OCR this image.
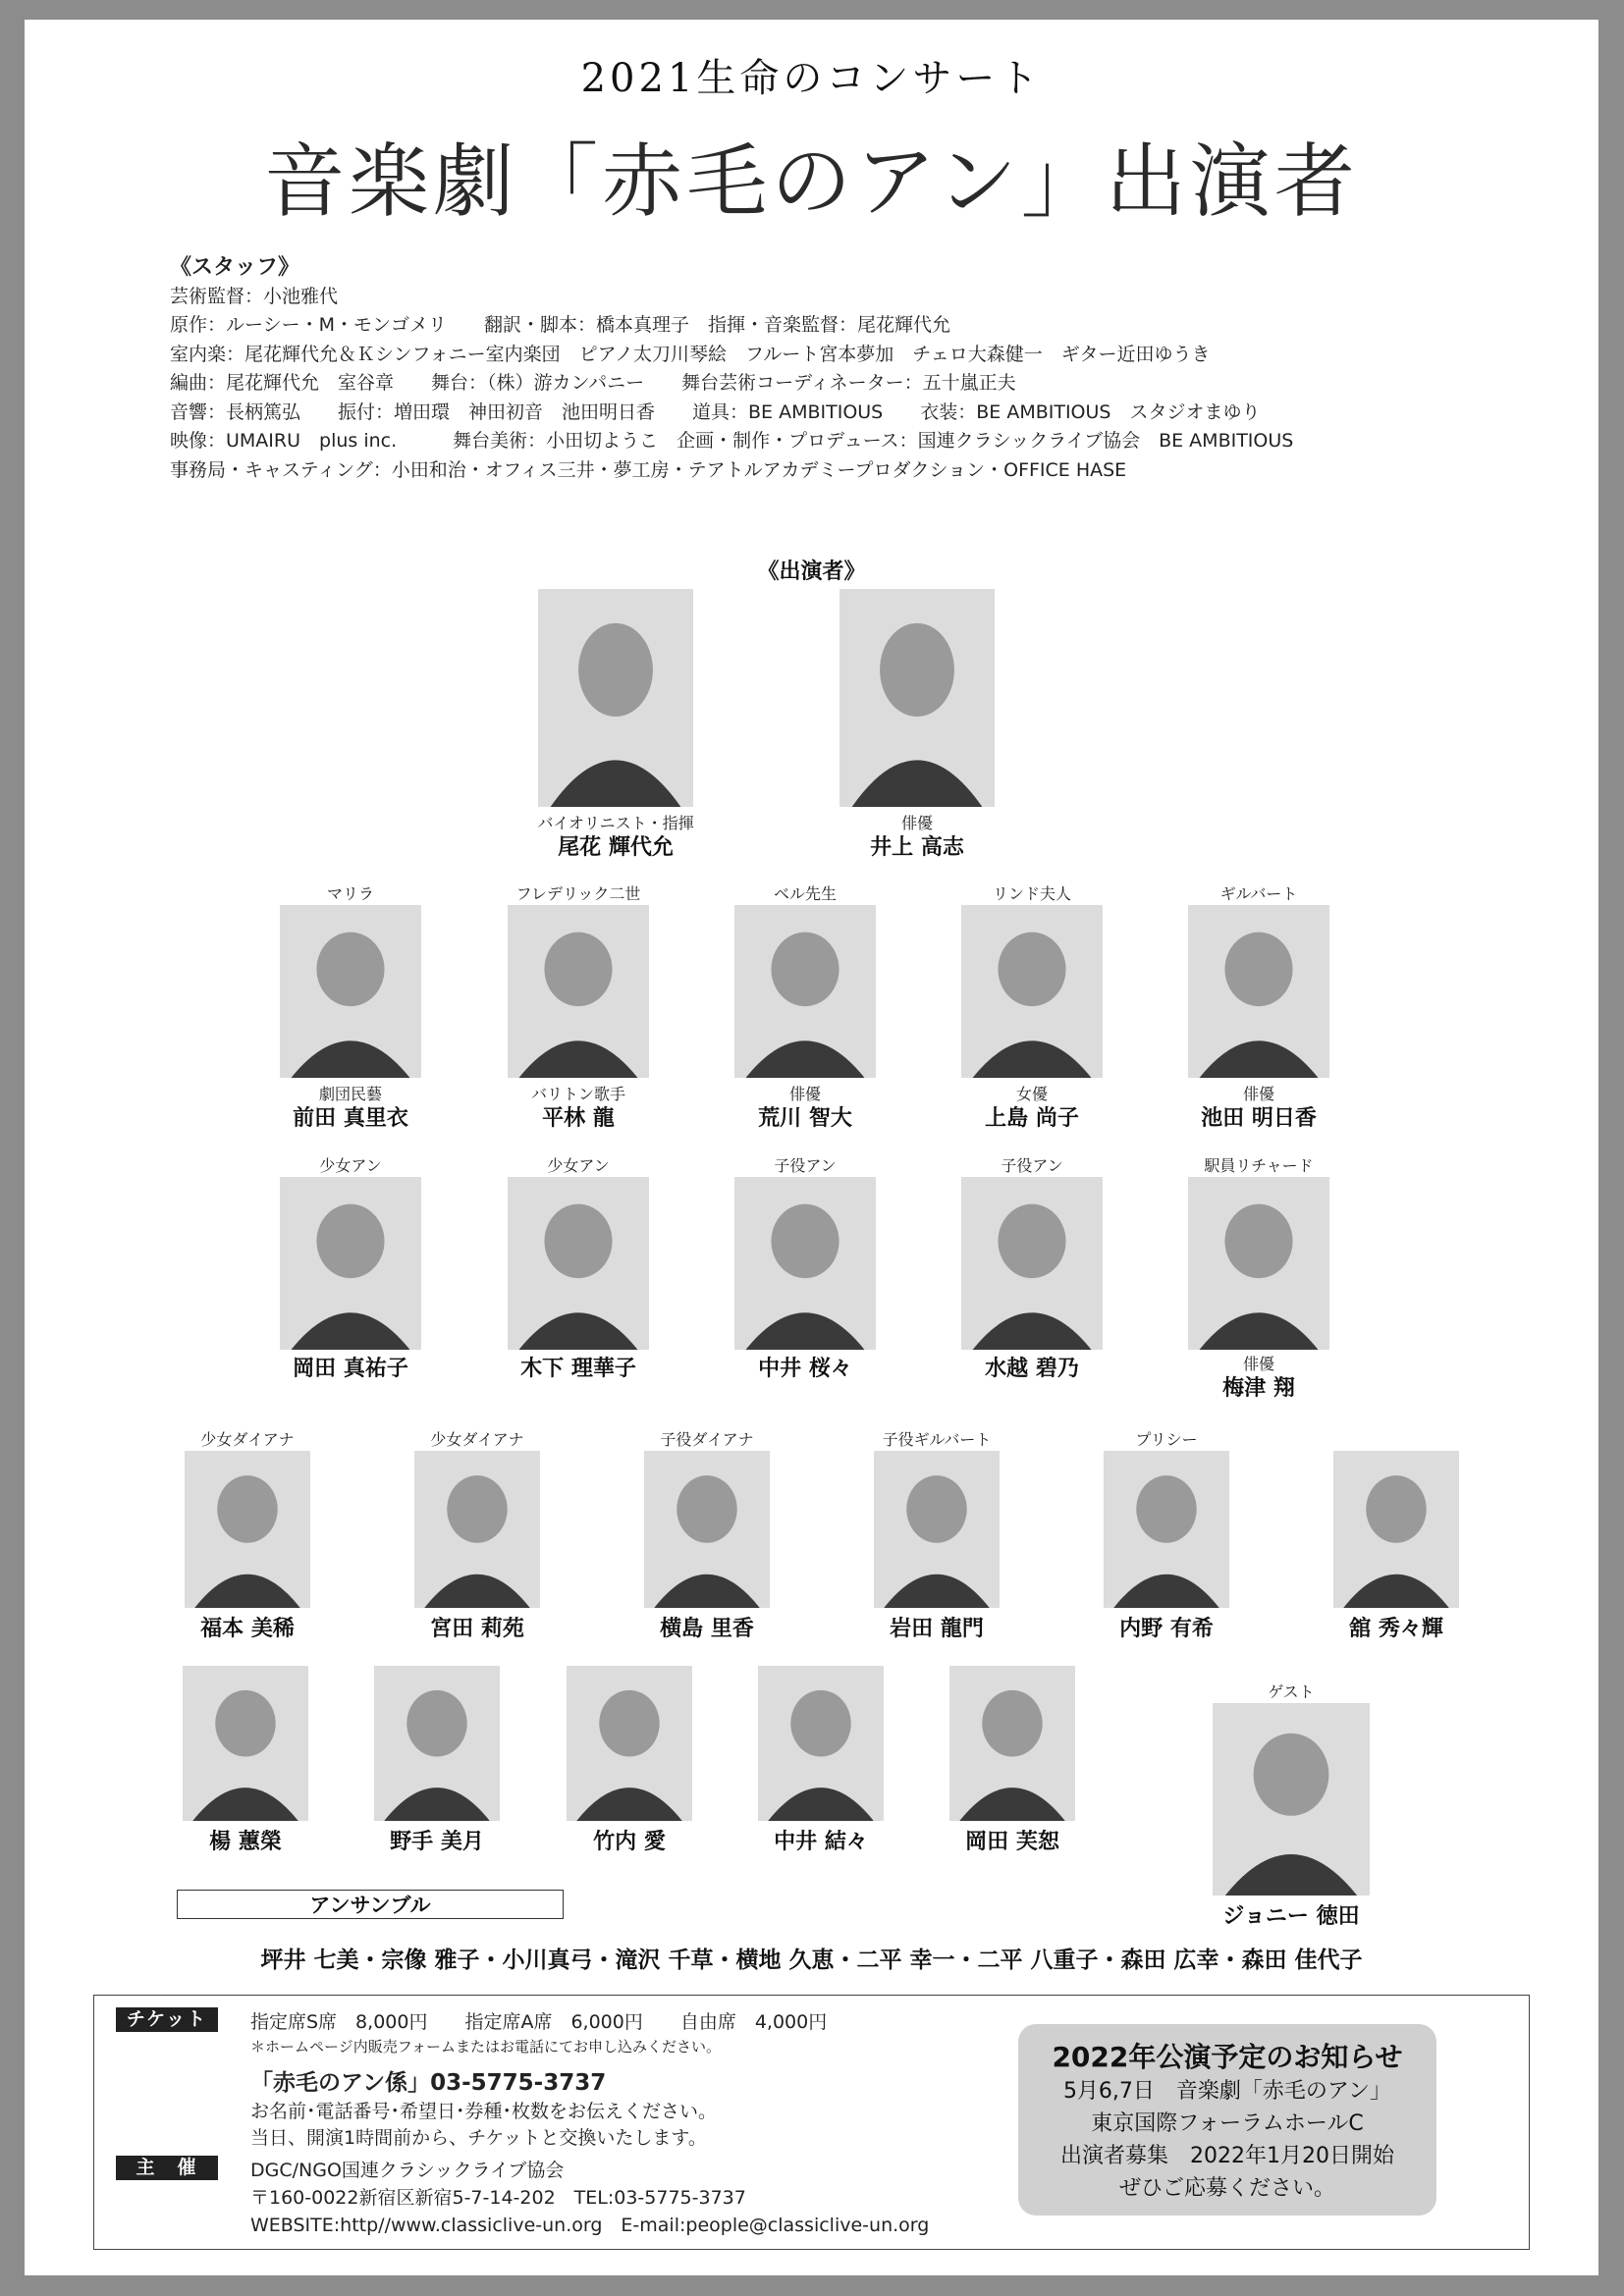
2021生命のコンサート
音楽劇「赤毛のアン」出演者
《スタッフ》
芸術監督：小池雅代
原作：ルーシー・M・モンゴメリ　　翻訳・脚本：橋本真理子　指揮・音楽監督：尾花輝代允
室内楽：尾花輝代允＆Ｋシンフォニー室内楽団　ピアノ太刀川琴絵　フルート宮本夢加　チェロ大森健一　ギター近田ゆうき
編曲：尾花輝代允　室谷章　　舞台：（株）游カンパニー　　舞台芸術コーディネーター：五十嵐正夫
音響：長柄篤弘　　振付：増田環　神田初音　池田明日香　　道具：BE AMBITIOUS　　衣装：BE AMBITIOUS　スタジオまゆり
映像：UMAIRU　plus inc.　　　舞台美術：小田切ようこ　企画・制作・プロデュース：国連クラシックライブ協会　BE AMBITIOUS
事務局・キャスティング：小田和治・オフィス三井・夢工房・テアトルアカデミープロダクション・OFFICE HASE
《出演者》
バイオリニスト・指揮
尾花 輝代允
俳優
井上 高志
マリラ
劇団民藝
前田 真里衣
フレデリック二世
バリトン歌手
平林 龍
ベル先生
俳優
荒川 智大
リンド夫人
女優
上島 尚子
ギルバート
俳優
池田 明日香
少女アン
岡田 真祐子
少女アン
木下 理華子
子役アン
中井 桜々
子役アン
水越 碧乃
駅員リチャード
俳優
梅津 翔
少女ダイアナ
福本 美稀
少女ダイアナ
宮田 莉苑
子役ダイアナ
横島 里香
子役ギルバート
岩田 龍門
プリシー
内野 有希	舘 秀々輝
楊 蕙榮	野手 美月	竹内 愛	中井 結々	岡田 芙恕
ゲスト
ジョニー 徳田
アンサンブル
坪井 七美・宗像 雅子・小川真弓・滝沢 千草・横地 久恵・二平 幸一・二平 八重子・森田 広幸・森田 佳代子
チケット	指定席S席　8,000円　　指定席A席　6,000円　　自由席　4,000円
＊ホームページ内販売フォームまたはお電話にてお申し込みください。
「赤毛のアン係」03-5775-3737
お名前･電話番号･希望日･券種･枚数をお伝えください。
当日、開演1時間前から、チケットと交換いたします。
主　催	DGC/NGO国連クラシックライブ協会
〒160-0022新宿区新宿5-7-14-202　TEL:03-5775-3737
WEBSITE:http//www.classiclive-un.org　E-mail:people@classiclive-un.org
2022年公演予定のお知らせ
5月6,7日　音楽劇「赤毛のアン」
東京国際フォーラムホールC
出演者募集　2022年1月20日開始
ぜひご応募ください。
